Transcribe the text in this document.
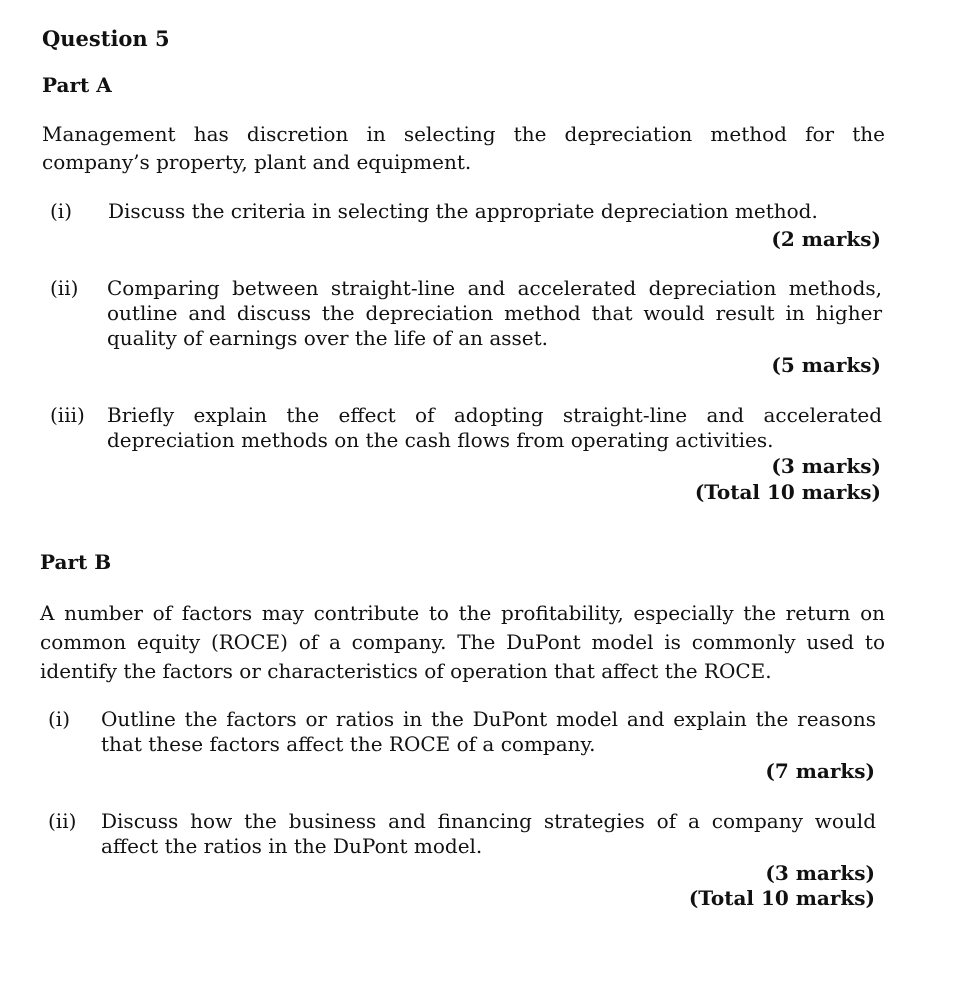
Question 5
Part A
Management has discretion in selecting the depreciation method for the company’s property, plant and equipment.
(i) Discuss the criteria in selecting the appropriate depreciation method.
(2 marks)
(ii) Comparing between straight-line and accelerated depreciation methods, outline and discuss the depreciation method that would result in higher quality of earnings over the life of an asset.
(5 marks)
(iii) Briefly explain the effect of adopting straight-line and accelerated depreciation methods on the cash flows from operating activities.
(3 marks)
(Total 10 marks)
Part B
A number of factors may contribute to the profitability, especially the return on common equity (ROCE) of a company. The DuPont model is commonly used to identify the factors or characteristics of operation that affect the ROCE.
(i) Outline the factors or ratios in the DuPont model and explain the reasons that these factors affect the ROCE of a company.
(7 marks)
(ii) Discuss how the business and financing strategies of a company would affect the ratios in the DuPont model.
(3 marks)
(Total 10 marks)
